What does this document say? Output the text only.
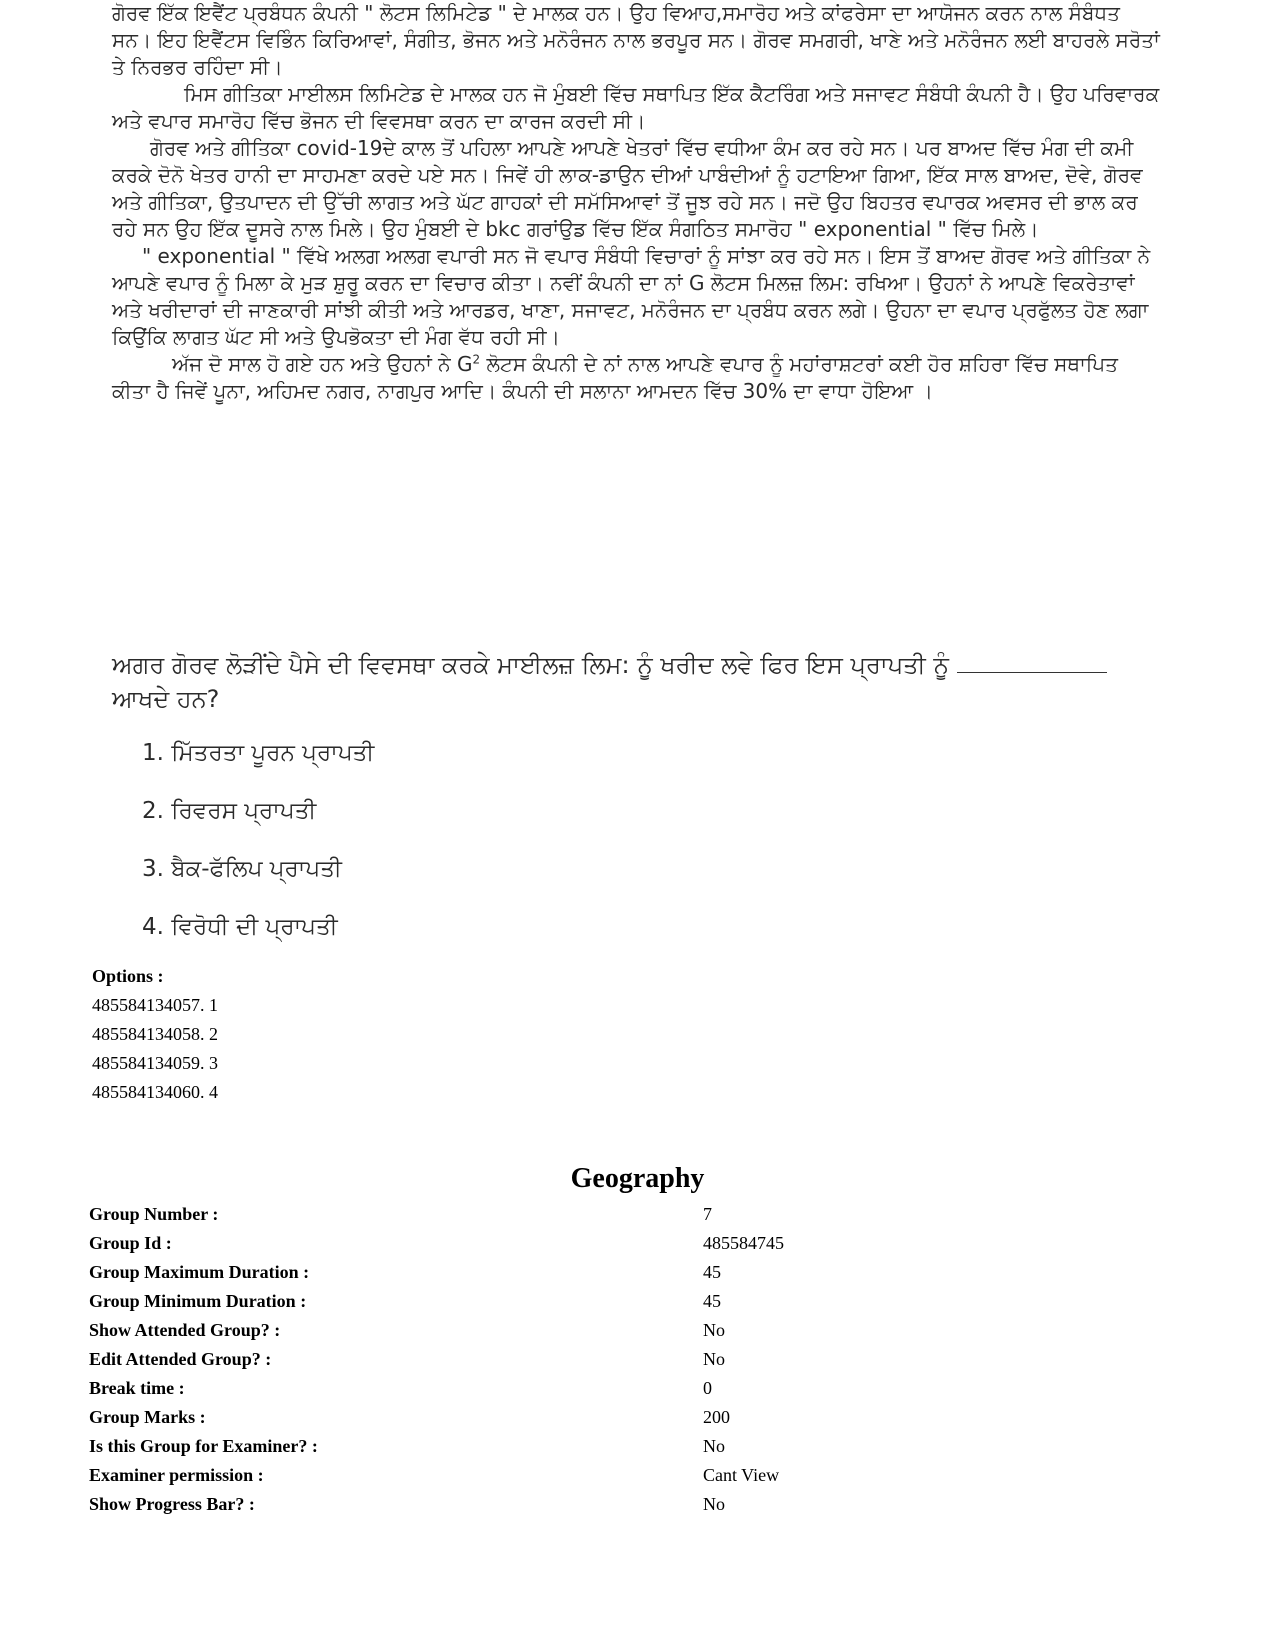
ਗੋਰਵ ਇੱਕ ਇਵੈਂਟ ਪ੍ਰਬੰਧਨ ਕੰਪਨੀ " ਲੋਟਸ ਲਿਮਿਟੇਡ " ਦੇ ਮਾਲਕ ਹਨ। ਉਹ ਵਿਆਹ,ਸਮਾਰੋਹ ਅਤੇ ਕਾਂਫਰੇਸਾ ਦਾ ਆਯੋਜਨ ਕਰਨ ਨਾਲ ਸੰਬੰਧਤ ਸਨ। ਇਹ ਇਵੈਂਟਸ ਵਿਭਿੰਨ ਕਿਰਿਆਵਾਂ, ਸੰਗੀਤ, ਭੋਜਨ ਅਤੇ ਮਨੋਰੰਜਨ ਨਾਲ ਭਰਪੂਰ ਸਨ। ਗੋਰਵ ਸਮਗਰੀ, ਖਾਣੇ ਅਤੇ ਮਨੋਰੰਜਨ ਲਈ ਬਾਹਰਲੇ ਸਰੋਤਾਂ ਤੇ ਨਿਰਭਰ ਰਹਿੰਦਾ ਸੀ।

ਮਿਸ ਗੀਤਿਕਾ ਮਾਈਲਸ ਲਿਮਿਟੇਡ ਦੇ ਮਾਲਕ ਹਨ ਜੋ ਮੁੰਬਈ ਵਿੱਚ ਸਥਾਪਿਤ ਇੱਕ ਕੈਟਰਿੰਗ ਅਤੇ ਸਜਾਵਟ ਸੰਬੰਧੀ ਕੰਪਨੀ ਹੈ। ਉਹ ਪਰਿਵਾਰਕ ਅਤੇ ਵਪਾਰ ਸਮਾਰੋਹ ਵਿੱਚ ਭੋਜਨ ਦੀ ਵਿਵਸਥਾ ਕਰਨ ਦਾ ਕਾਰਜ ਕਰਦੀ ਸੀ।

ਗੋਰਵ ਅਤੇ ਗੀਤਿਕਾ covid-19ਦੇ ਕਾਲ ਤੋਂ ਪਹਿਲਾ ਆਪਣੇ ਆਪਣੇ ਖੇਤਰਾਂ ਵਿੱਚ ਵਧੀਆ ਕੰਮ ਕਰ ਰਹੇ ਸਨ। ਪਰ ਬਾਅਦ ਵਿੱਚ ਮੰਗ ਦੀ ਕਮੀ ਕਰਕੇ ਦੋਨੋ ਖੇਤਰ ਹਾਨੀ ਦਾ ਸਾਹਮਣਾ ਕਰਦੇ ਪਏ ਸਨ। ਜਿਵੇਂ ਹੀ ਲਾਕ-ਡਾਉਨ ਦੀਆਂ ਪਾਬੰਦੀਆਂ ਨੂੰ ਹਟਾਇਆ ਗਿਆ, ਇੱਕ ਸਾਲ ਬਾਅਦ, ਦੋਵੇ, ਗੋਰਵ ਅਤੇ ਗੀਤਿਕਾ, ਉਤਪਾਦਨ ਦੀ ਉੱਚੀ ਲਾਗਤ ਅਤੇ ਘੱਟ ਗਾਹਕਾਂ ਦੀ ਸਮੱਸਿਆਵਾਂ ਤੋਂ ਜੂਝ ਰਹੇ ਸਨ। ਜਦੋ ਉਹ ਬਿਹਤਰ ਵਪਾਰਕ ਅਵਸਰ ਦੀ ਭਾਲ ਕਰ ਰਹੇ ਸਨ ਉਹ ਇੱਕ ਦੂਸਰੇ ਨਾਲ ਮਿਲੇ। ਉਹ ਮੁੰਬਈ ਦੇ bkc ਗਰਾਂਉਡ ਵਿੱਚ ਇੱਕ ਸੰਗਠਿਤ ਸਮਾਰੋਹ " exponential " ਵਿੱਚ ਮਿਲੇ।

" exponential " ਵਿੱਖੇ ਅਲਗ ਅਲਗ ਵਪਾਰੀ ਸਨ ਜੋ ਵਪਾਰ ਸੰਬੰਧੀ ਵਿਚਾਰਾਂ ਨੂੰ ਸਾਂਝਾ ਕਰ ਰਹੇ ਸਨ। ਇਸ ਤੋਂ ਬਾਅਦ ਗੋਰਵ ਅਤੇ ਗੀਤਿਕਾ ਨੇ ਆਪਣੇ ਵਪਾਰ ਨੂੰ ਮਿਲਾ ਕੇ ਮੁੜ ਸ਼ੁਰੂ ਕਰਨ ਦਾ ਵਿਚਾਰ ਕੀਤਾ। ਨਵੀਂ ਕੰਪਨੀ ਦਾ ਨਾਂ G ਲੋਟਸ ਮਿਲਜ਼ ਲਿਮ: ਰਖਿਆ। ਉਹਨਾਂ ਨੇ ਆਪਣੇ ਵਿਕਰੇਤਾਵਾਂ ਅਤੇ ਖਰੀਦਾਰਾਂ ਦੀ ਜਾਣਕਾਰੀ ਸਾਂਝੀ ਕੀਤੀ ਅਤੇ ਆਰਡਰ, ਖਾਣਾ, ਸਜਾਵਟ, ਮਨੋਰੰਜਨ ਦਾ ਪ੍ਰਬੰਧ ਕਰਨ ਲਗੇ। ਉਹਨਾ ਦਾ ਵਪਾਰ ਪ੍ਰਫੁੱਲਤ ਹੋਣ ਲਗਾ ਕਿਉਂਕਿ ਲਾਗਤ ਘੱਟ ਸੀ ਅਤੇ ਉਪਭੋਕਤਾ ਦੀ ਮੰਗ ਵੱਧ ਰਹੀ ਸੀ।

ਅੱਜ ਦੋ ਸਾਲ ਹੋ ਗਏ ਹਨ ਅਤੇ ਉਹਨਾਂ ਨੇ $G^2$ ਲੋਟਸ ਕੰਪਨੀ ਦੇ ਨਾਂ ਨਾਲ ਆਪਣੇ ਵਪਾਰ ਨੂੰ ਮਹਾਂਰਾਸ਼ਟਰਾਂ ਕਈ ਹੋਰ ਸ਼ਹਿਰਾ ਵਿੱਚ ਸਥਾਪਿਤ ਕੀਤਾ ਹੈ ਜਿਵੇਂ ਪੂਨਾ, ਅਹਿਮਦ ਨਗਰ, ਨਾਗਪੁਰ ਆਦਿ। ਕੰਪਨੀ ਦੀ ਸਲਾਨਾ ਆਮਦਨ ਵਿੱਚ 30% ਦਾ ਵਾਧਾ ਹੋਇਆ ।

ਅਗਰ ਗੋਰਵ ਲੋੜੀਂਦੇ ਪੈਸੇ ਦੀ ਵਿਵਸਥਾ ਕਰਕੇ ਮਾਈਲਜ਼ ਲਿਮ: ਨੂੰ ਖਰੀਦ ਲਵੇ ਫਿਰ ਇਸ ਪ੍ਰਾਪਤੀ ਨੂੰ  ਆਖਦੇ ਹਨ?
1. ਮਿੱਤਰਤਾ ਪੂਰਨ ਪ੍ਰਾਪਤੀ
2. ਰਿਵਰਸ ਪ੍ਰਾਪਤੀ
3. ਬੈਕ-ਫੱਲਿਪ ਪ੍ਰਾਪਤੀ
4. ਵਿਰੋਧੀ ਦੀ ਪ੍ਰਾਪਤੀ
Options :
485584134057. 1
485584134058. 2
485584134059. 3
485584134060. 4
Geography
Group Number :	7
Group Id :	485584745
Group Maximum Duration :	45
Group Minimum Duration :	45
Show Attended Group? :	No
Edit Attended Group? :	No
Break time :	0
Group Marks :	200
Is this Group for Examiner? :	No
Examiner permission :	Cant View
Show Progress Bar? :	No
